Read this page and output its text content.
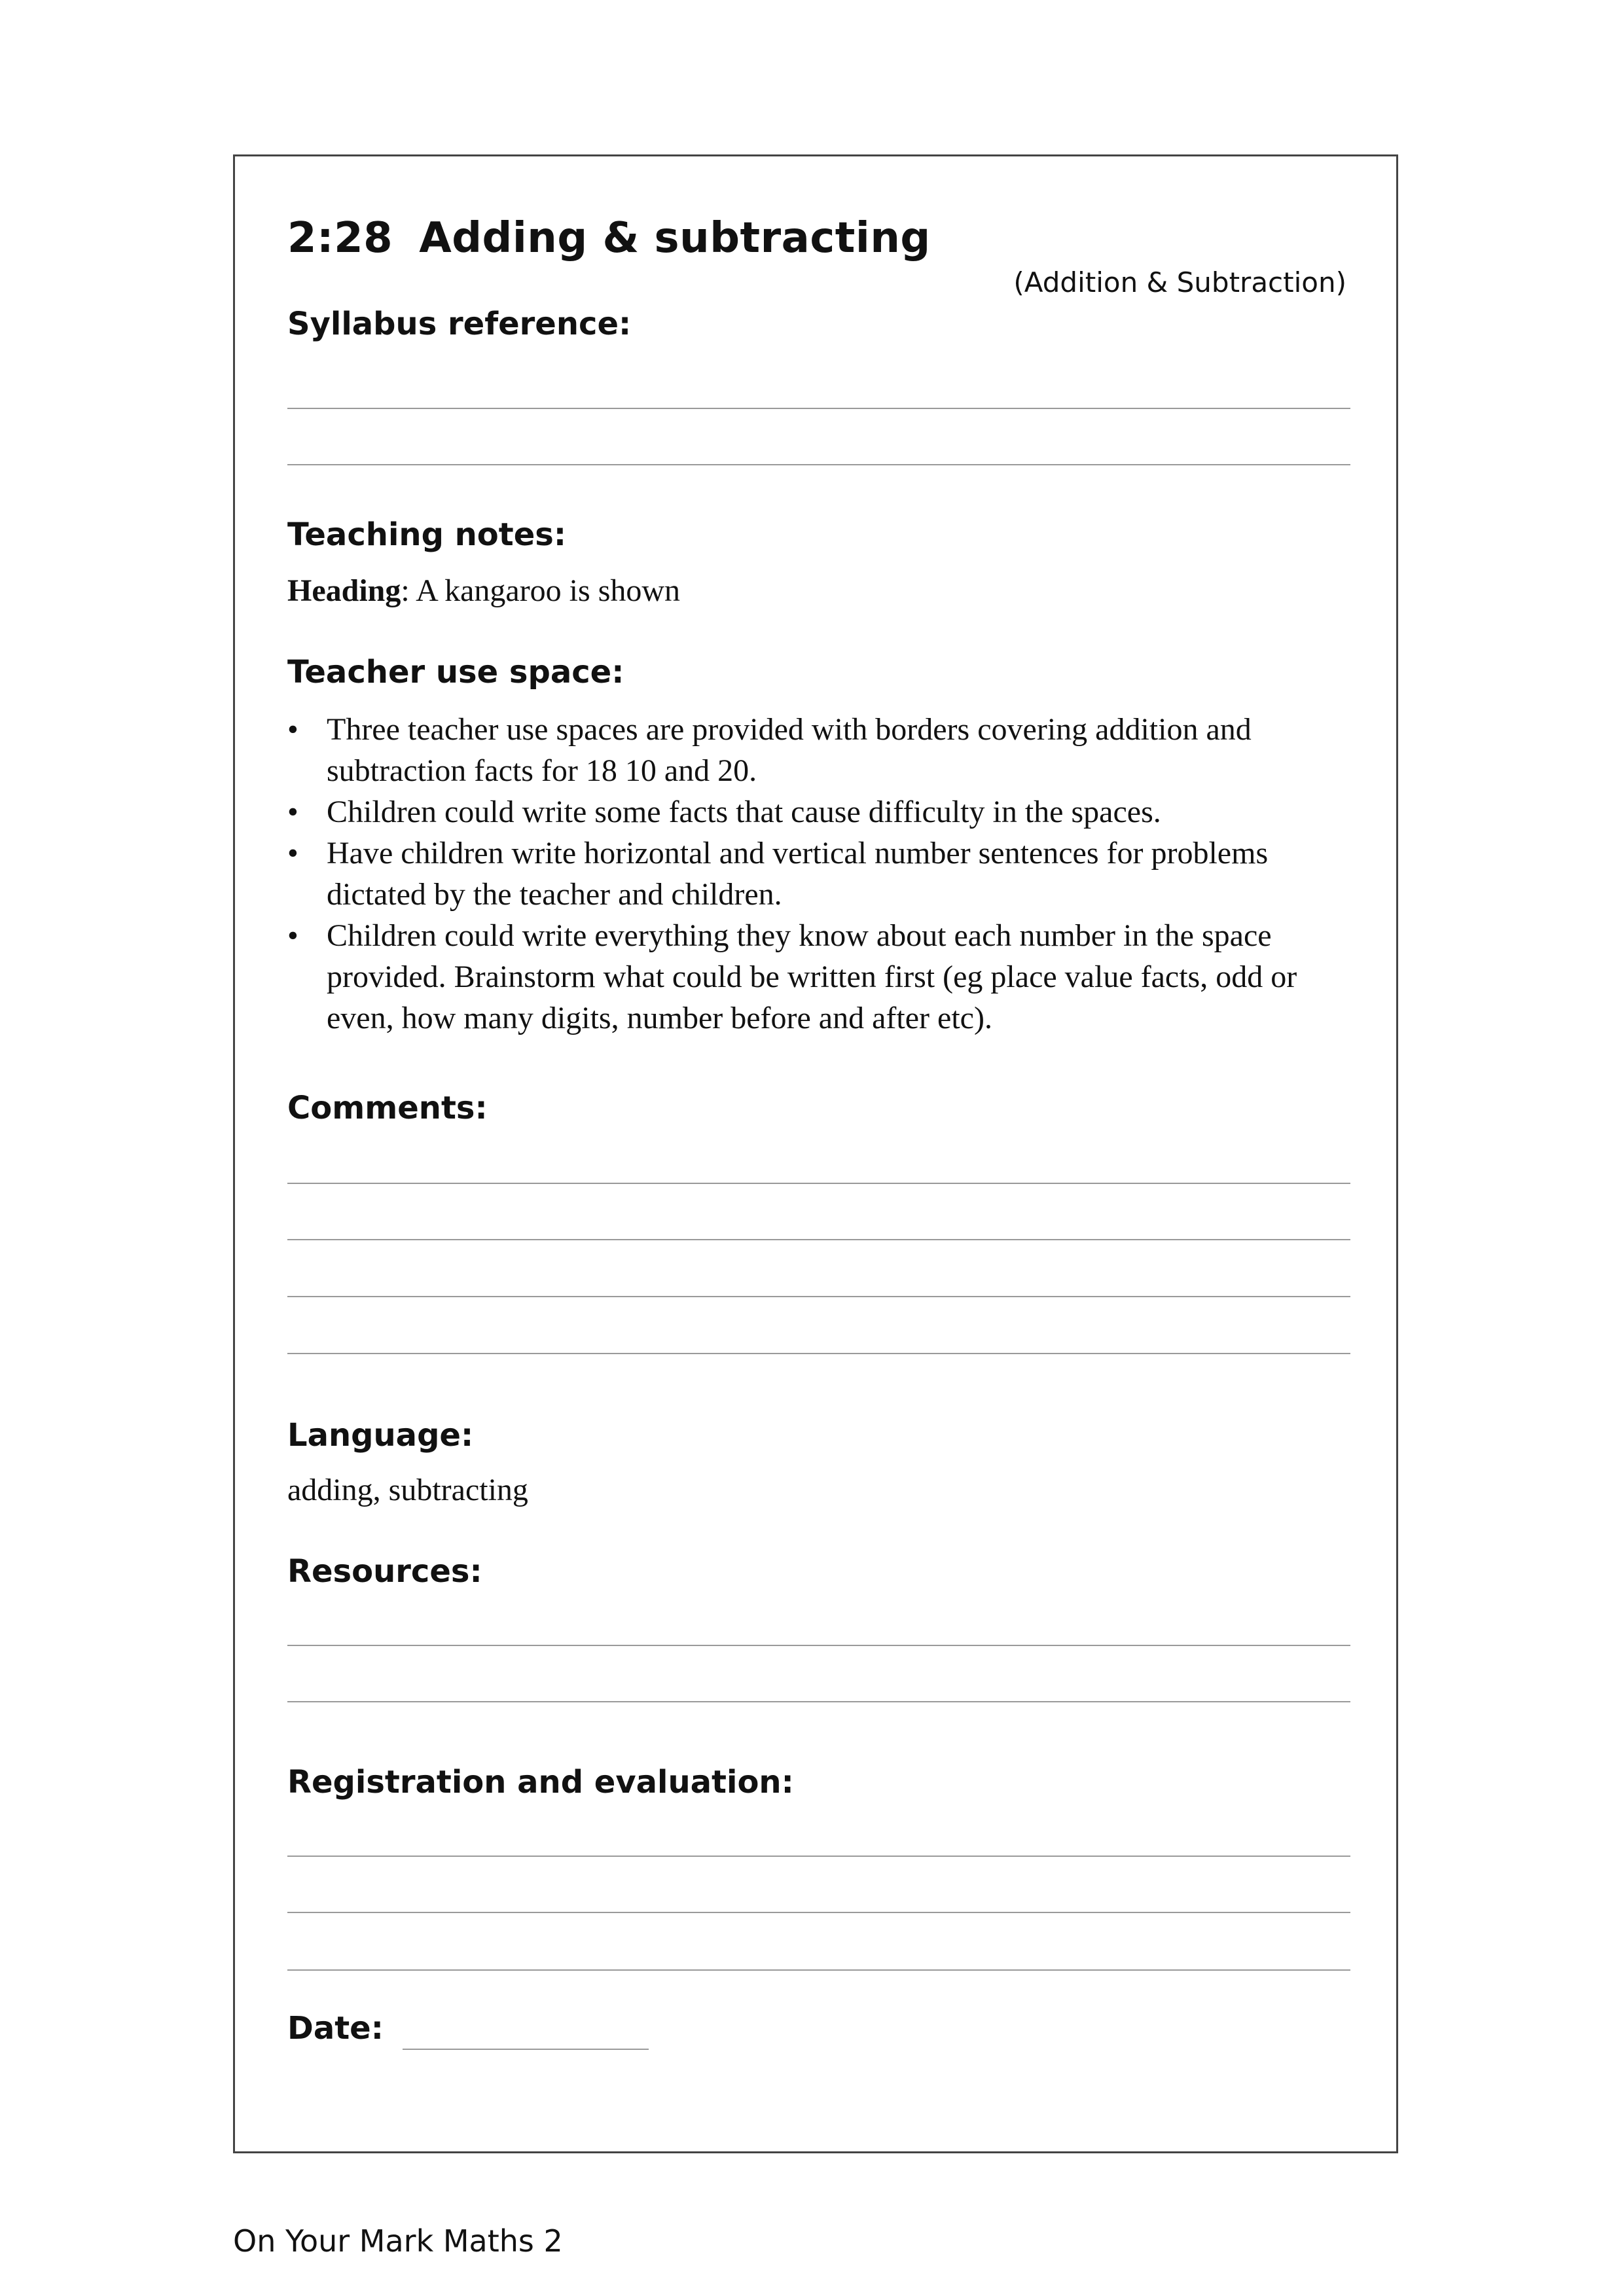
2:28 Adding & subtracting
(Addition & Subtraction)
Syllabus reference:
Teaching notes:

Heading: A kangaroo is shown

Teacher use space:
• Three teacher use spaces are provided with borders covering addition and subtraction facts for 18 10 and 20.
• Children could write some facts that cause difficulty in the spaces.
• Have children write horizontal and vertical number sentences for problems dictated by the teacher and children.
• Children could write everything they know about each number in the space provided. Brainstorm what could be written first (eg place value facts, odd or even, how many digits, number before and after etc).
Comments:
Language:

adding, subtracting

Resources:
Registration and evaluation:
Date:
On Your Mark Maths 2
